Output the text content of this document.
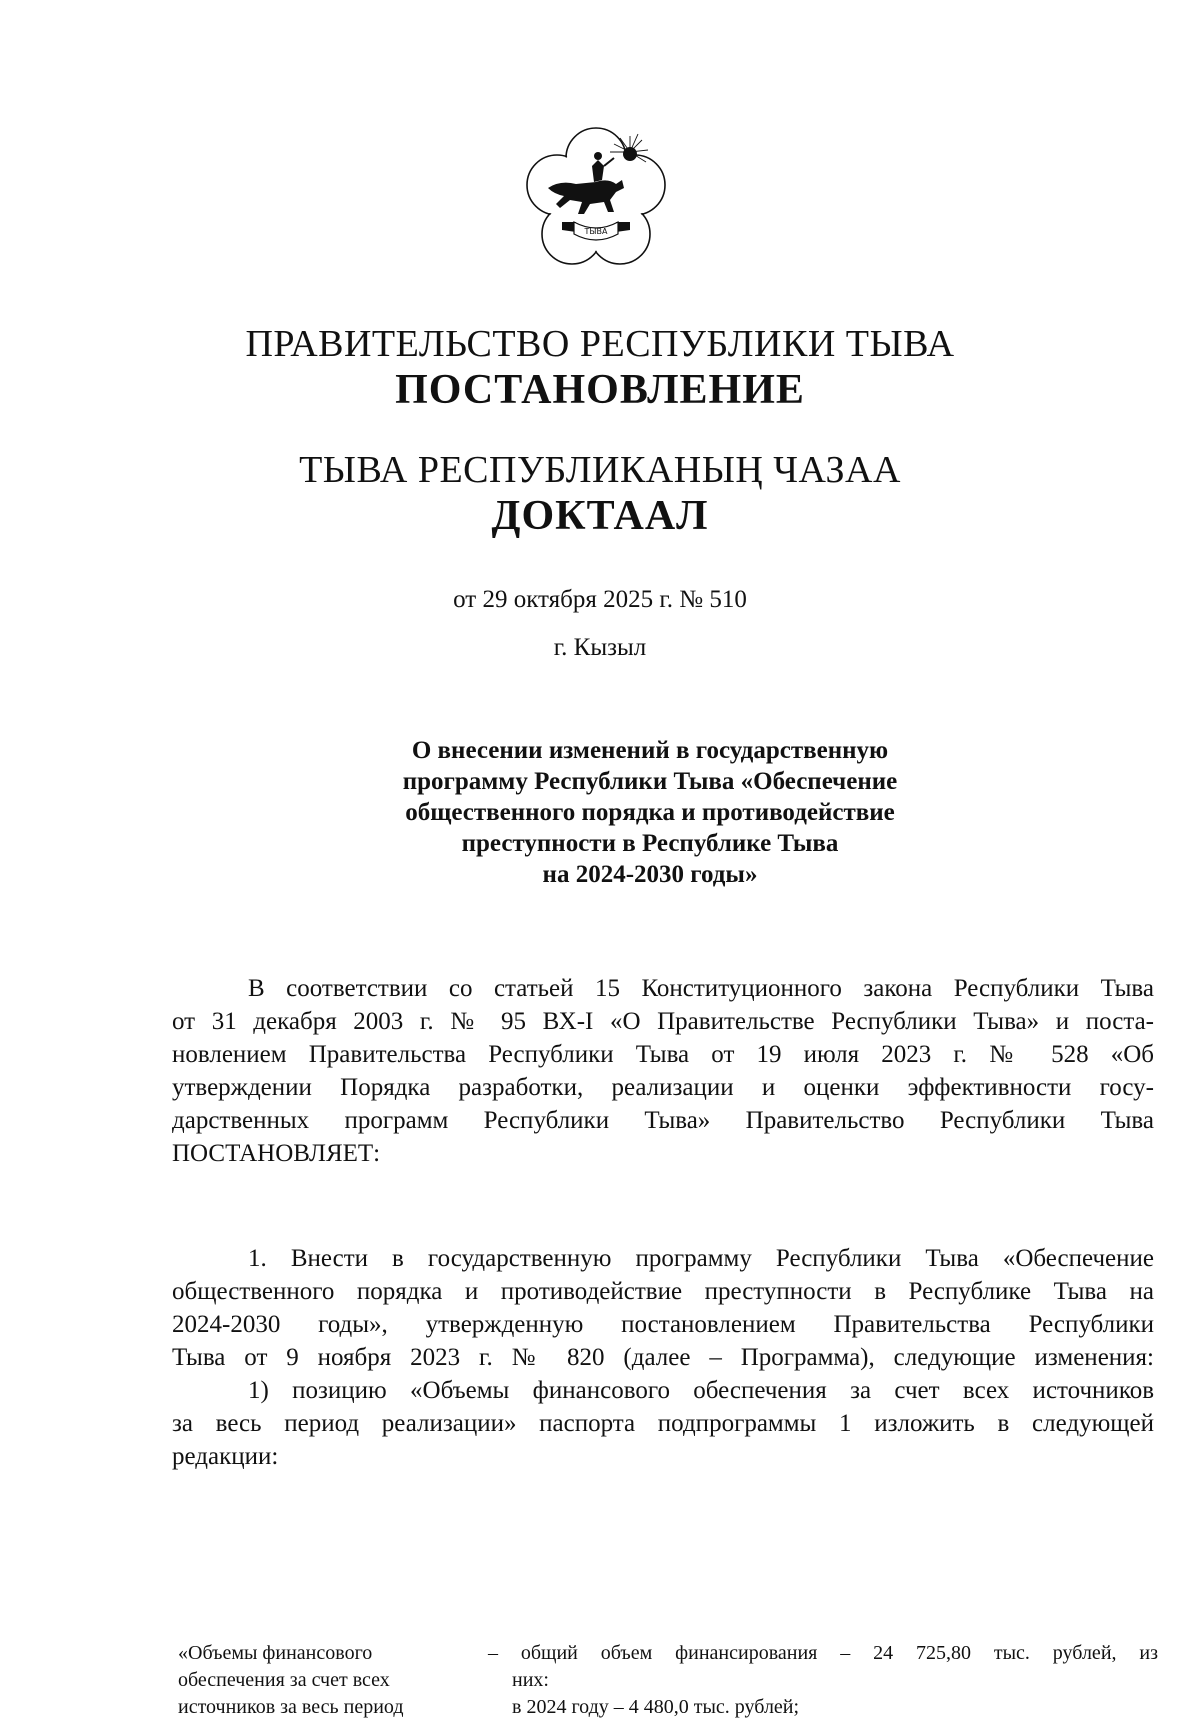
ТЫВА
ПРАВИТЕЛЬСТВО РЕСПУБЛИКИ ТЫВА
ПОСТАНОВЛЕНИЕ
ТЫВА РЕСПУБЛИКАНЫҢ ЧАЗАА
ДОКТААЛ
от 29 октября 2025 г. № 510
г. Кызыл
О внесении изменений в государственную
программу Республики Тыва «Обеспечение
общественного порядка и противодействие
преступности в Республике Тыва
на 2024-2030 годы»
В соответствии со статьей 15 Конституционного закона Республики Тыва
от 31 декабря 2003 г. № 95 ВХ-I «О Правительстве Республики Тыва» и поста-
новлением Правительства Республики Тыва от 19 июля 2023 г. № 528 «Об
утверждении Порядка разработки, реализации и оценки эффективности госу-
дарственных программ Республики Тыва» Правительство Республики Тыва
ПОСТАНОВЛЯЕТ:
1. Внести в государственную программу Республики Тыва «Обеспечение
общественного порядка и противодействие преступности в Республике Тыва на
2024-2030 годы», утвержденную постановлением Правительства Республики
Тыва от 9 ноября 2023 г. № 820 (далее – Программа), следующие изменения:
1) позицию «Объемы финансового обеспечения за счет всех источников
за весь период реализации» паспорта подпрограммы 1 изложить в следующей
редакции:
«Объемы финансового
обеспечения за счет всех
источников за весь период
– общий объем финансирования – 24 725,80 тыс. рублей, из
них:
в 2024 году – 4 480,0 тыс. рублей;
